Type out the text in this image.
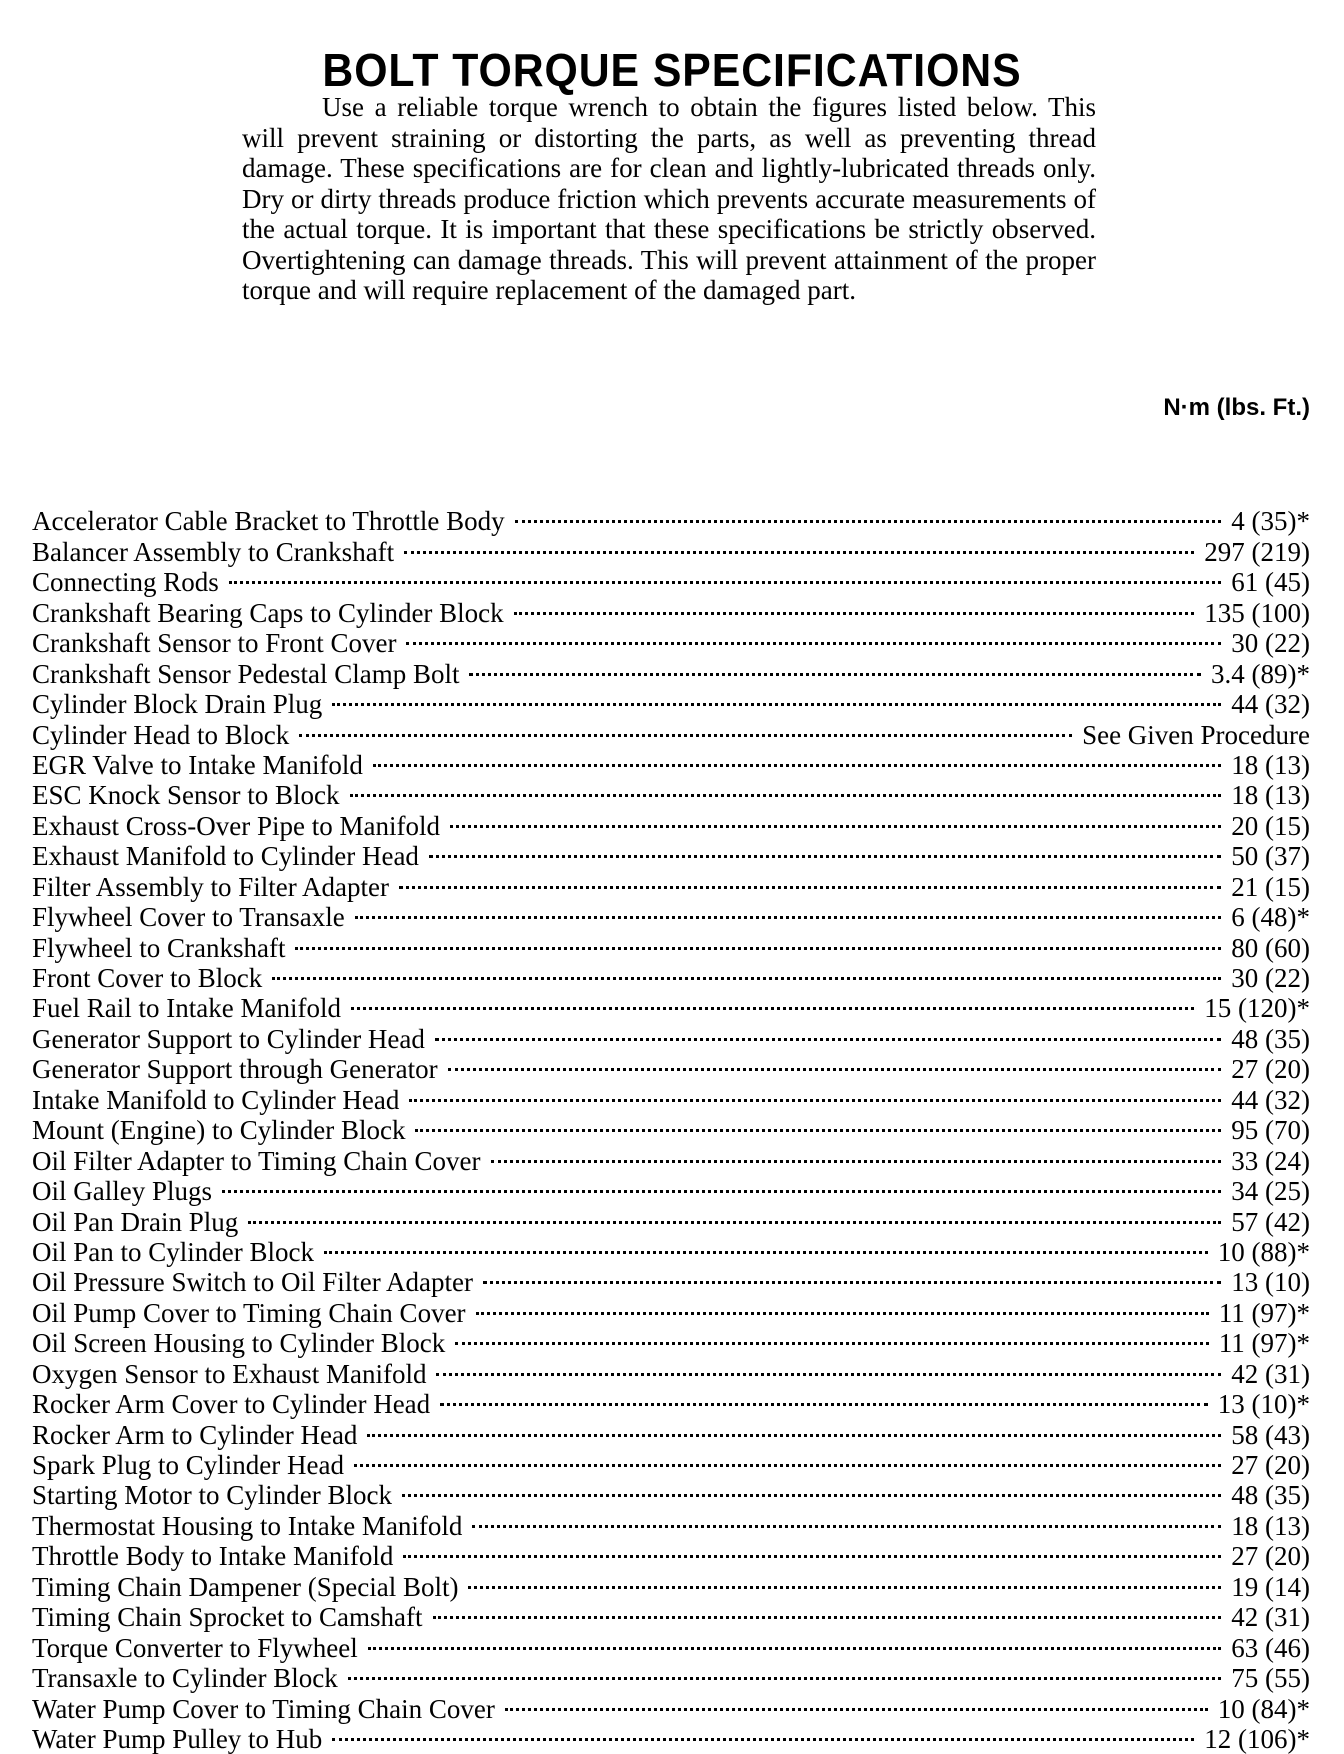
BOLT TORQUE SPECIFICATIONS

Use a reliable torque wrench to obtain the figures listed below. This will prevent straining or distorting the parts, as well as preventing thread damage. These specifications are for clean and lightly-lubricated threads only. Dry or dirty threads produce friction which prevents accurate measurements of the actual torque. It is important that these specifications be strictly observed. Overtightening can damage threads. This will prevent attainment of the proper torque and will require replacement of the damaged part.

N·m (lbs. Ft.)
Accelerator Cable Bracket to Throttle Body	4 (35)*
Balancer Assembly to Crankshaft	297 (219)
Connecting Rods	61 (45)
Crankshaft Bearing Caps to Cylinder Block	135 (100)
Crankshaft Sensor to Front Cover	30 (22)
Crankshaft Sensor Pedestal Clamp Bolt	3.4 (89)*
Cylinder Block Drain Plug	44 (32)
Cylinder Head to Block	See Given Procedure
EGR Valve to Intake Manifold	18 (13)
ESC Knock Sensor to Block	18 (13)
Exhaust Cross-Over Pipe to Manifold	20 (15)
Exhaust Manifold to Cylinder Head	50 (37)
Filter Assembly to Filter Adapter	21 (15)
Flywheel Cover to Transaxle	6 (48)*
Flywheel to Crankshaft	80 (60)
Front Cover to Block	30 (22)
Fuel Rail to Intake Manifold	15 (120)*
Generator Support to Cylinder Head	48 (35)
Generator Support through Generator	27 (20)
Intake Manifold to Cylinder Head	44 (32)
Mount (Engine) to Cylinder Block	95 (70)
Oil Filter Adapter to Timing Chain Cover	33 (24)
Oil Galley Plugs	34 (25)
Oil Pan Drain Plug	57 (42)
Oil Pan to Cylinder Block	10 (88)*
Oil Pressure Switch to Oil Filter Adapter	13 (10)
Oil Pump Cover to Timing Chain Cover	11 (97)*
Oil Screen Housing to Cylinder Block	11 (97)*
Oxygen Sensor to Exhaust Manifold	42 (31)
Rocker Arm Cover to Cylinder Head	13 (10)*
Rocker Arm to Cylinder Head	58 (43)
Spark Plug to Cylinder Head	27 (20)
Starting Motor to Cylinder Block	48 (35)
Thermostat Housing to Intake Manifold	18 (13)
Throttle Body to Intake Manifold	27 (20)
Timing Chain Dampener (Special Bolt)	19 (14)
Timing Chain Sprocket to Camshaft	42 (31)
Torque Converter to Flywheel	63 (46)
Transaxle to Cylinder Block	75 (55)
Water Pump Cover to Timing Chain Cover	10 (84)*
Water Pump Pulley to Hub	12 (106)*
